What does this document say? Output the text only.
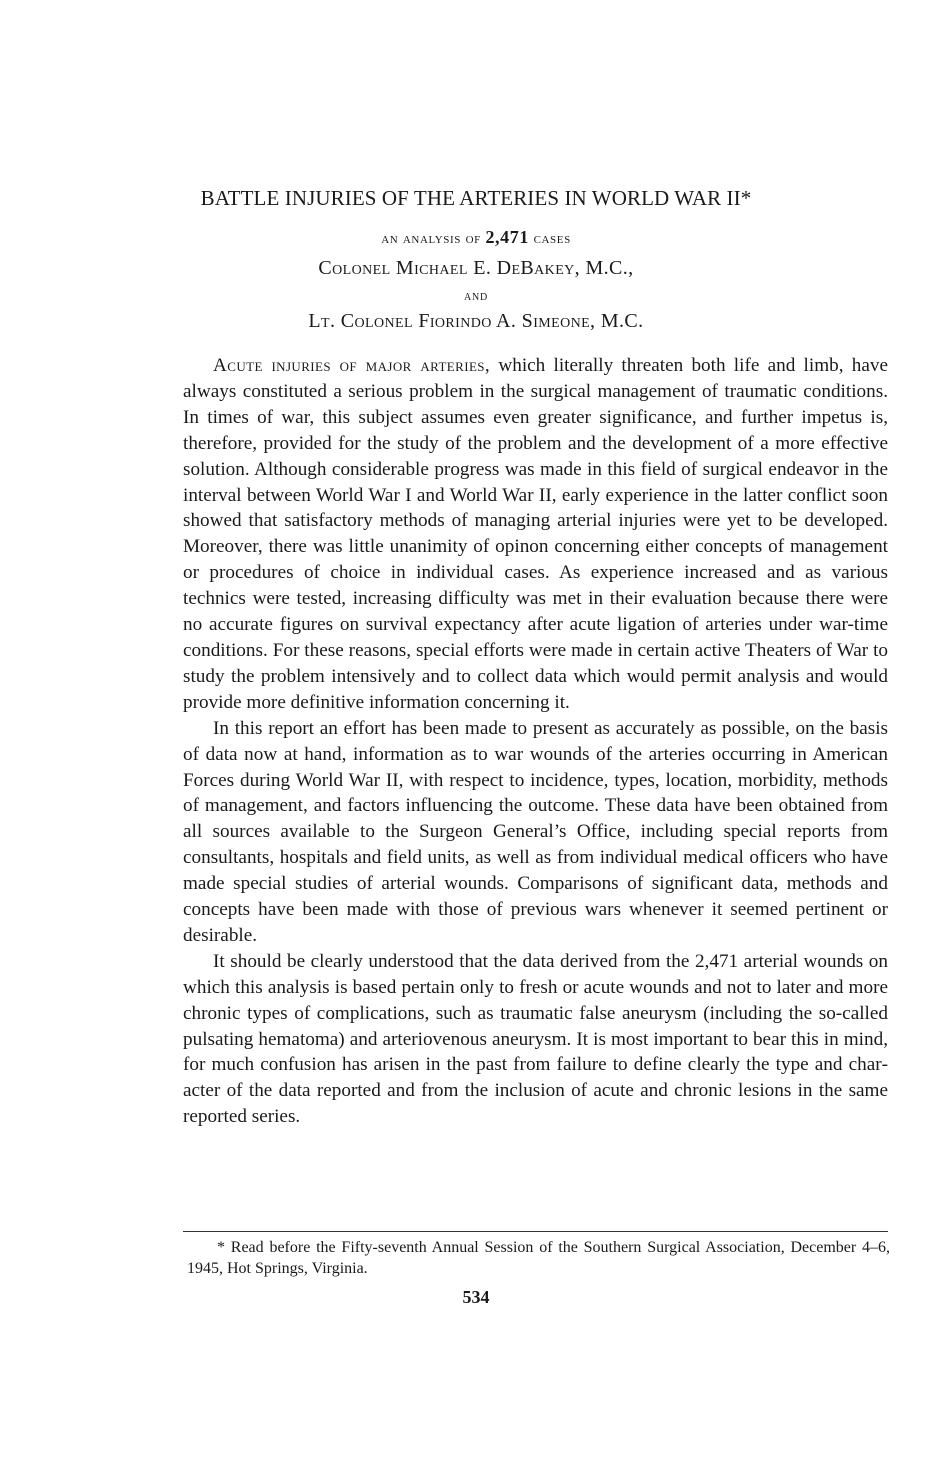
BATTLE INJURIES OF THE ARTERIES IN WORLD WAR II*
an analysis of 2,471 cases
Colonel Michael E. DeBakey, M.C.,
and
Lt. Colonel Fiorindo A. Simeone, M.C.

Acute injuries of major arteries, which literally threaten both life and limb, have always constituted a serious problem in the surgical management of traumatic conditions. In times of war, this subject assumes even greater significance, and further impetus is, therefore, provided for the study of the problem and the development of a more effective solution. Although considerable progress was made in this field of surgical endeavor in the interval between World War I and World War II, early experience in the latter conflict soon showed that satisfactory methods of managing arterial injuries were yet to be developed. Moreover, there was little unanimity of opinon concerning either concepts of management or procedures of choice in individual cases. As experience increased and as various technics were tested, increasing difficulty was met in their evaluation because there were no accurate figures on survival expectancy after acute ligation of arteries under war-time conditions. For these reasons, special efforts were made in certain active Theaters of War to study the problem intensively and to collect data which would permit analysis and would provide more definitive information concerning it.

In this report an effort has been made to present as accurately as possible, on the basis of data now at hand, information as to war wounds of the arteries occurring in American Forces during World War II, with respect to incidence, types, location, morbidity, methods of management, and factors influencing the outcome. These data have been obtained from all sources available to the Surgeon General’s Office, including special reports from consultants, hospitals and field units, as well as from individual medical officers who have made special studies of arterial wounds. Comparisons of significant data, methods and concepts have been made with those of previous wars whenever it seemed pertinent or desirable.

It should be clearly understood that the data derived from the 2,471 arterial wounds on which this analysis is based pertain only to fresh or acute wounds and not to later and more chronic types of complications, such as traumatic false aneurysm (including the so-called pulsating hematoma) and arteriovenous aneurysm. It is most important to bear this in mind, for much confusion has arisen in the past from failure to define clearly the type and character of the data reported and from the inclusion of acute and chronic lesions in the same reported series.

* Read before the Fifty-seventh Annual Session of the Southern Surgical Association, December 4–6, 1945, Hot Springs, Virginia.
534
